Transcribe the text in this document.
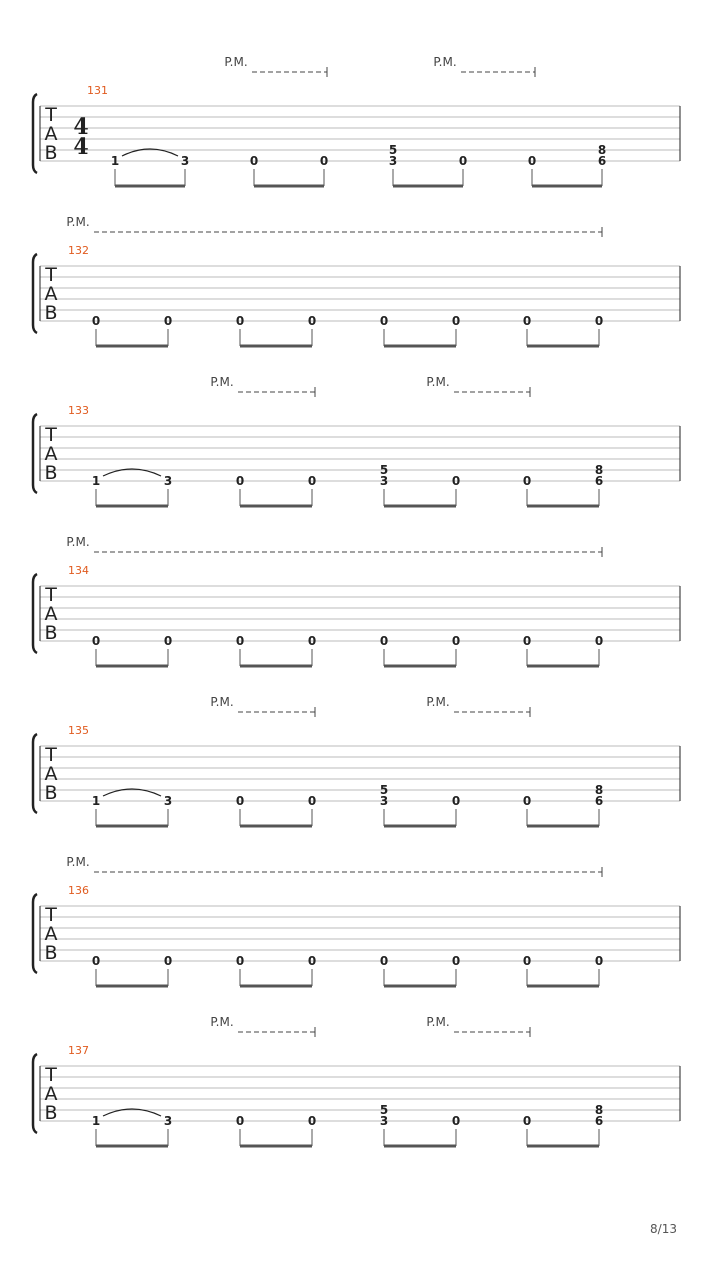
T
A
B
131
4
4
P.M.	P.M.
1	3	0	0	3
5
0	0	6
8
T
A
B
132
P.M.
0	0	0	0	0	0	0	0
T
A
B
133
P.M.	P.M.
1	3	0	0	3
5
0	0	6
8
T
A
B
134
P.M.
0	0	0	0	0	0	0	0
T
A
B
135
P.M.	P.M.
1	3	0	0	3
5
0	0	6
8
T
A
B
136
P.M.
0	0	0	0	0	0	0	0
T
A
B
137
P.M.	P.M.
1	3	0	0	3
5
0	0	6
8
8/13
